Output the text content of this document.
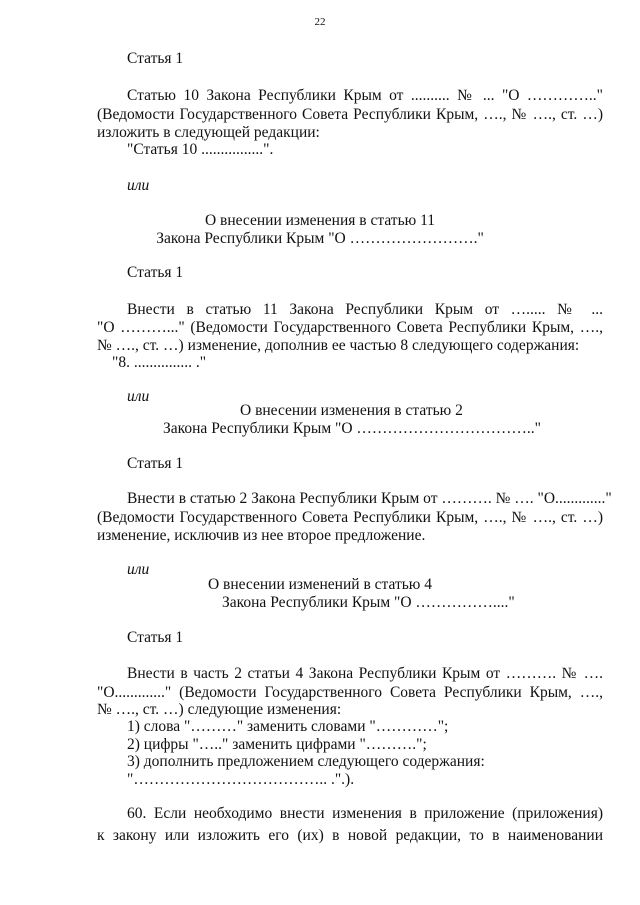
22
Статья 1
Статью 10 Закона Республики Крым от .......... № ... "О ………….."
(Ведомости Государственного Совета Республики Крым, …., № …., ст. …)
изложить в следующей редакции:
"Статья 10 ................".
или
О внесении изменения в статью 11
Закона Республики Крым "О ……………………."
Статья 1
Внести в статью 11 Закона Республики Крым от …..... № ...
"О ………..." (Ведомости Государственного Совета Республики Крым, ….,
№ …., ст. …) изменение, дополнив ее частью 8 следующего содержания:
"8. ............... ."
или
О внесении изменения в статью 2
Закона Республики Крым "О …………………………….."
Статья 1
Внести в статью 2 Закона Республики Крым от ………. № …. "О............."
(Ведомости Государственного Совета Республики Крым, …., № …., ст. …)
изменение, исключив из нее второе предложение.
или
О внесении изменений в статью 4
Закона Республики Крым "О ……………...."
Статья 1
Внести в часть 2 статьи 4 Закона Республики Крым от ………. № ….
"О............." (Ведомости Государственного Совета Республики Крым, ….,
№ …., ст. …) следующие изменения:
1) слова "………" заменить словами "…………";
2) цифры "….." заменить цифрами "……….";
3) дополнить предложением следующего содержания:
"……………………………….. .".).
60. Если необходимо внести изменения в приложение (приложения)
к закону или изложить его (их) в новой редакции, то в наименовании
